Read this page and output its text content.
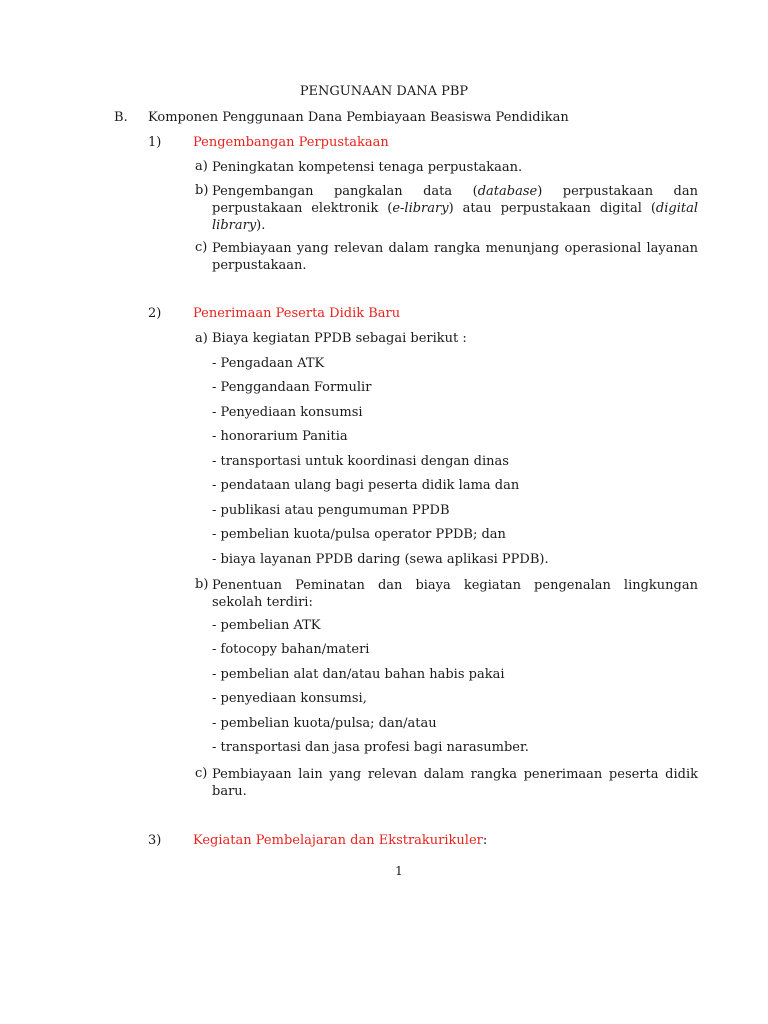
PENGUNAAN DANA PBP
B. Komponen Penggunaan Dana Pembiayaan Beasiswa Pendidikan
1) Pengembangan Perpustakaan
a) Peningkatan kompetensi tenaga perpustakaan.
b) Pengembangan pangkalan data (database) perpustakaan dan perpustakaan elektronik (e-library) atau perpustakaan digital (digital library).
c) Pembiayaan yang relevan dalam rangka menunjang operasional layanan perpustakaan.
2) Penerimaan Peserta Didik Baru
a) Biaya kegiatan PPDB sebagai berikut :
- Pengadaan ATK
- Penggandaan Formulir
- Penyediaan konsumsi
- honorarium Panitia
- transportasi untuk koordinasi dengan dinas
- pendataan ulang bagi peserta didik lama dan
- publikasi atau pengumuman PPDB
- pembelian kuota/pulsa operator PPDB; dan
- biaya layanan PPDB daring (sewa aplikasi PPDB).
b) Penentuan Peminatan dan biaya kegiatan pengenalan lingkungan sekolah terdiri:
- pembelian ATK
- fotocopy bahan/materi
- pembelian alat dan/atau bahan habis pakai
- penyediaan konsumsi,
- pembelian kuota/pulsa; dan/atau
- transportasi dan jasa profesi bagi narasumber.
c) Pembiayaan lain yang relevan dalam rangka penerimaan peserta didik baru.
3) Kegiatan Pembelajaran dan Ekstrakurikuler:
1
